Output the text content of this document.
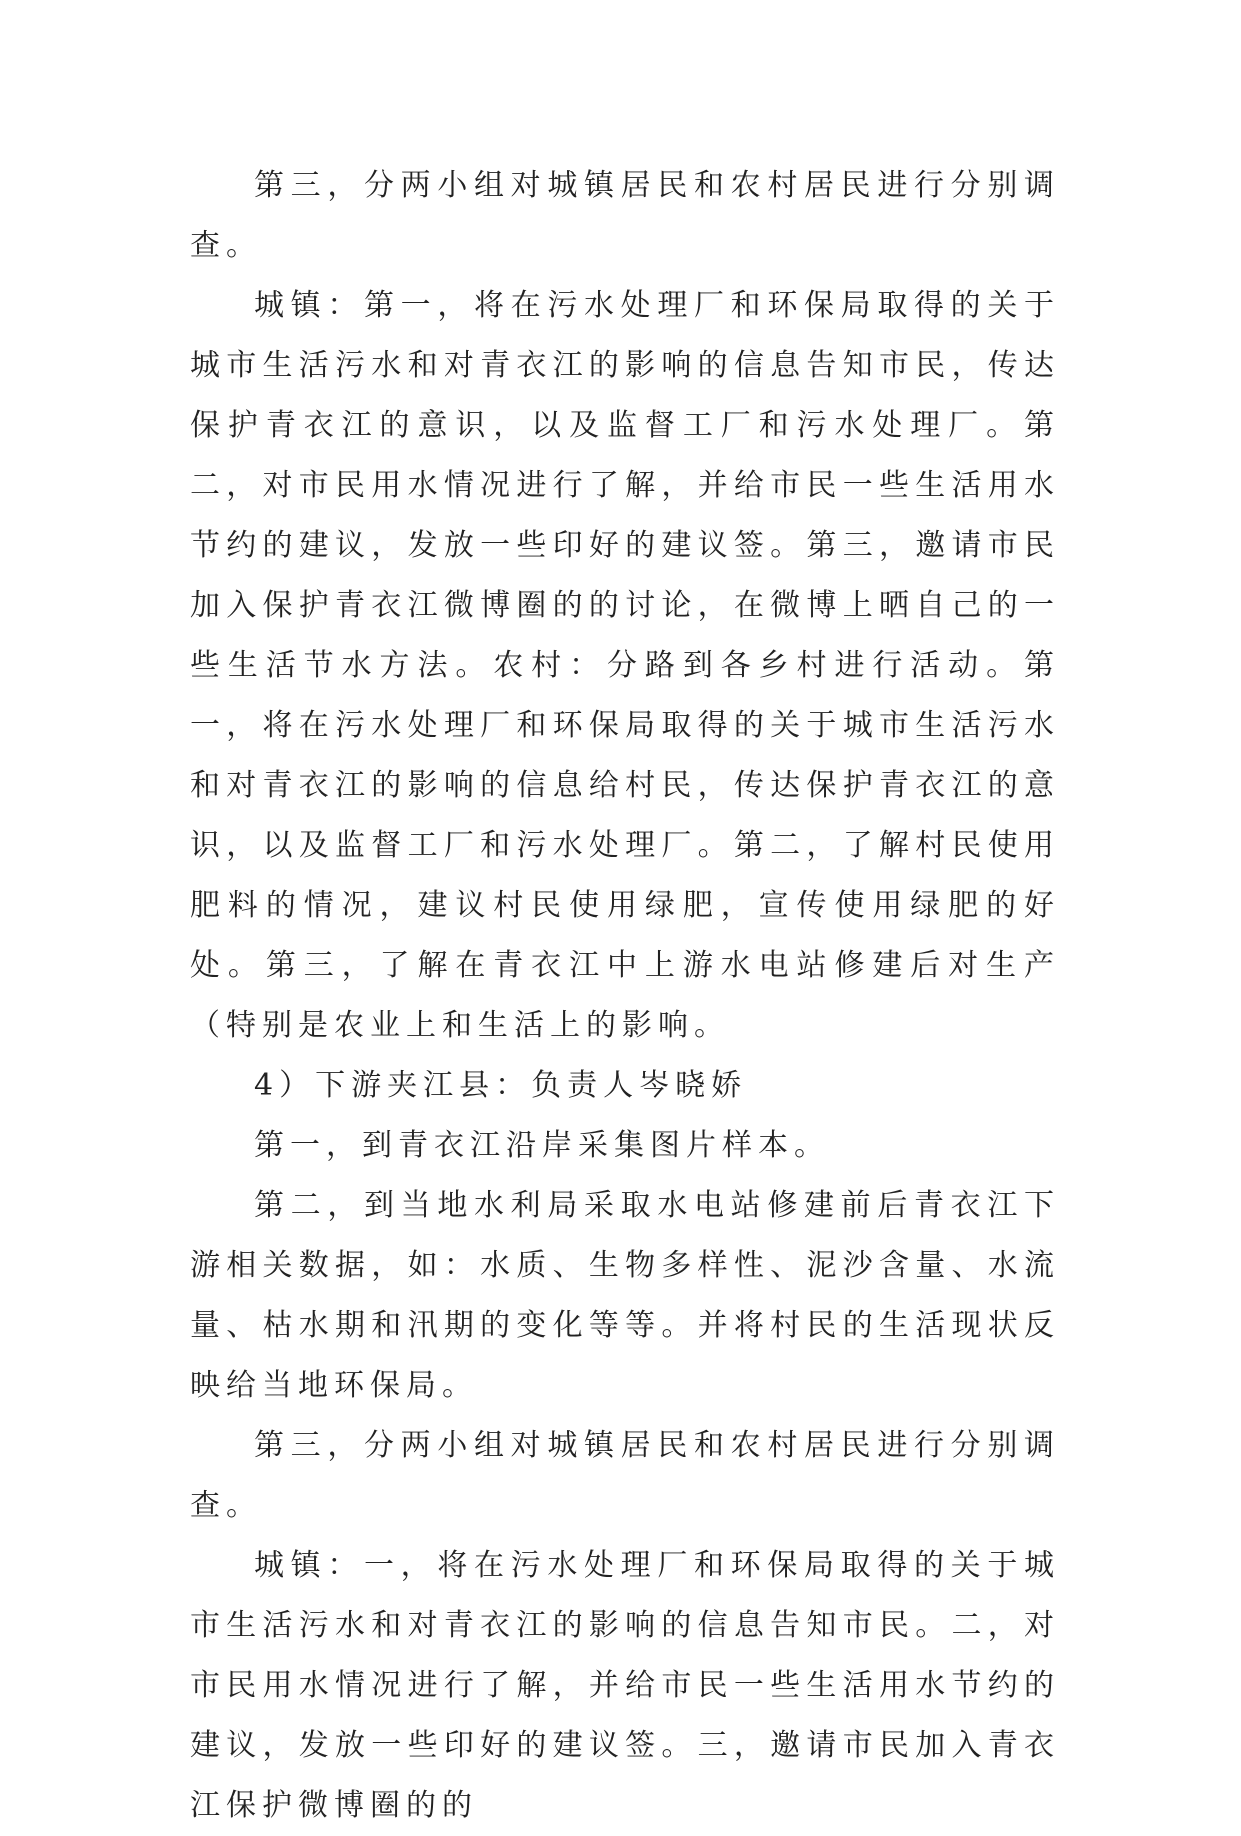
第三，分两小组对城镇居民和农村居民进行分别调查。

城镇：第一，将在污水处理厂和环保局取得的关于城市生活污水和对青衣江的影响的信息告知市民，传达保护青衣江的意识，以及监督工厂和污水处理厂。第二，对市民用水情况进行了解，并给市民一些生活用水节约的建议，发放一些印好的建议签。第三，邀请市民加入保护青衣江微博圈的的讨论，在微博上晒自己的一些生活节水方法。农村：分路到各乡村进行活动。第一，将在污水处理厂和环保局取得的关于城市生活污水和对青衣江的影响的信息给村民，传达保护青衣江的意识，以及监督工厂和污水处理厂。第二，了解村民使用肥料的情况，建议村民使用绿肥，宣传使用绿肥的好处。第三，了解在青衣江中上游水电站修建后对生产（特别是农业上和生活上的影响。

4）下游夹江县：负责人岑晓娇

第一，到青衣江沿岸采集图片样本。

第二，到当地水利局采取水电站修建前后青衣江下游相关数据，如：水质、生物多样性、泥沙含量、水流量、枯水期和汛期的变化等等。并将村民的生活现状反映给当地环保局。

第三，分两小组对城镇居民和农村居民进行分别调查。

城镇：一，将在污水处理厂和环保局取得的关于城市生活污水和对青衣江的影响的信息告知市民。二，对市民用水情况进行了解，并给市民一些生活用水节约的建议，发放一些印好的建议签。三，邀请市民加入青衣江保护微博圈的的
